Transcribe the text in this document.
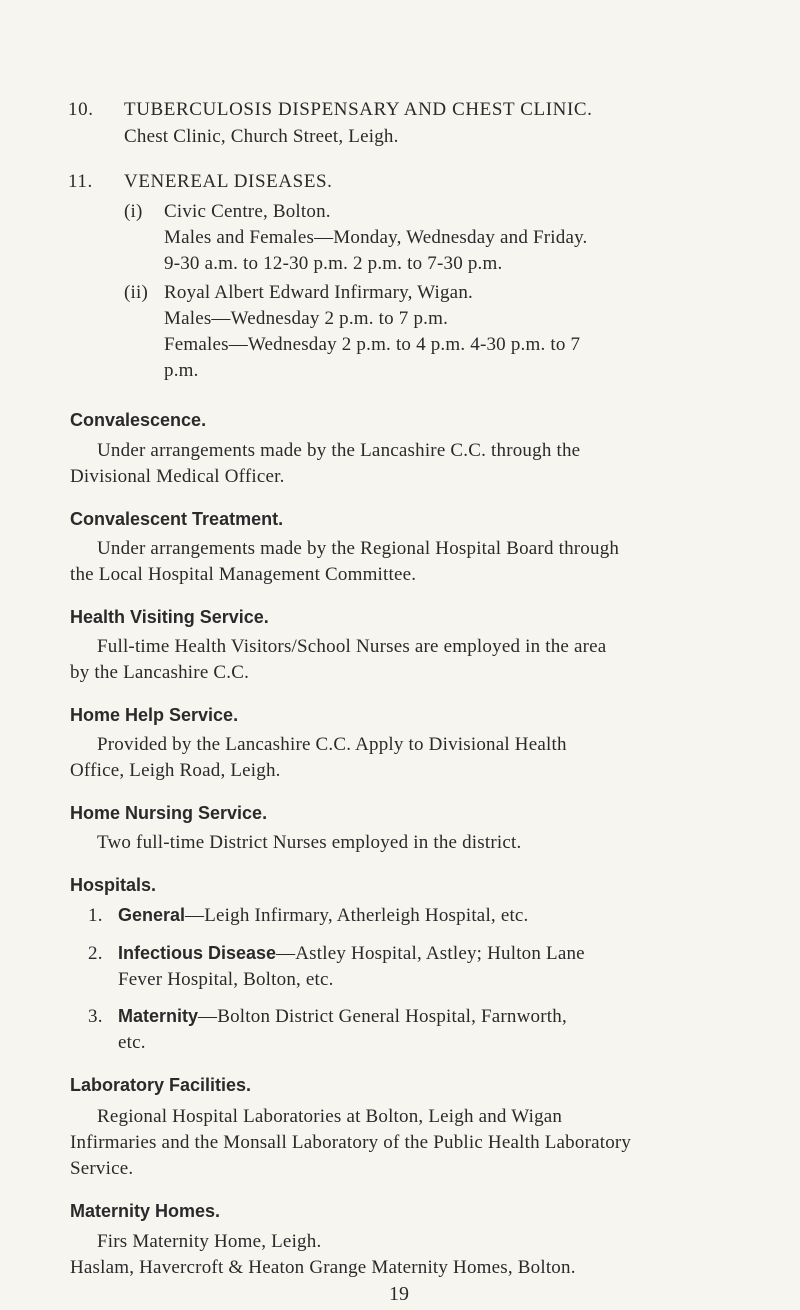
10. TUBERCULOSIS DISPENSARY AND CHEST CLINIC.
Chest Clinic, Church Street, Leigh.
11. VENEREAL DISEASES.
(i) Civic Centre, Bolton.
Males and Females—Monday, Wednesday and Friday.
9-30 a.m. to 12-30 p.m. 2 p.m. to 7-30 p.m.
(ii) Royal Albert Edward Infirmary, Wigan.
Males—Wednesday 2 p.m. to 7 p.m.
Females—Wednesday 2 p.m. to 4 p.m. 4-30 p.m. to 7
p.m.
Convalescence.
Under arrangements made by the Lancashire C.C. through the
Divisional Medical Officer.
Convalescent Treatment.
Under arrangements made by the Regional Hospital Board through
the Local Hospital Management Committee.
Health Visiting Service.
Full-time Health Visitors/School Nurses are employed in the area
by the Lancashire C.C.
Home Help Service.
Provided by the Lancashire C.C. Apply to Divisional Health
Office, Leigh Road, Leigh.
Home Nursing Service.
Two full-time District Nurses employed in the district.
Hospitals.
1. General—Leigh Infirmary, Atherleigh Hospital, etc.
2. Infectious Disease—Astley Hospital, Astley; Hulton Lane
Fever Hospital, Bolton, etc.
3. Maternity—Bolton District General Hospital, Farnworth,
etc.
Laboratory Facilities.
Regional Hospital Laboratories at Bolton, Leigh and Wigan
Infirmaries and the Monsall Laboratory of the Public Health Laboratory
Service.
Maternity Homes.
Firs Maternity Home, Leigh.
Haslam, Havercroft & Heaton Grange Maternity Homes, Bolton.
19
